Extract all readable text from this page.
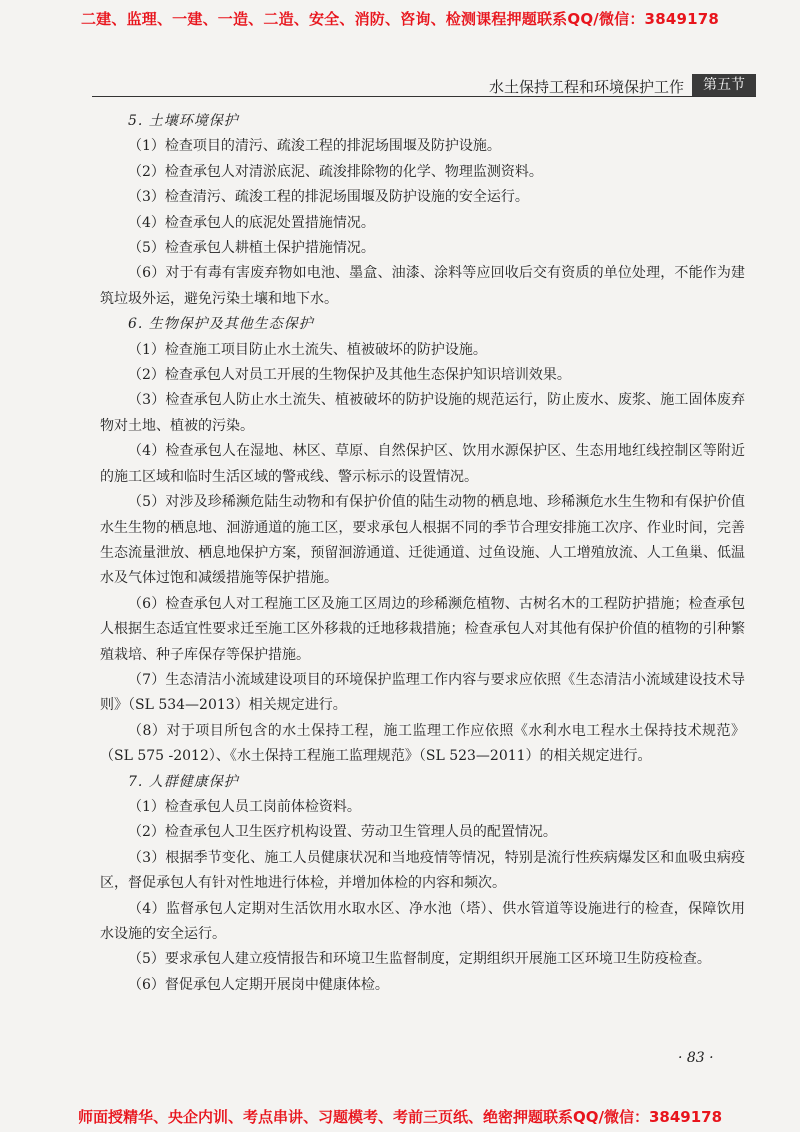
二建、监理、一建、一造、二造、安全、消防、咨询、检测课程押题联系QQ/微信：3849178
水土保持工程和环境保护工作	第五节

5. 土壤环境保护

（1）检查项目的清污、疏浚工程的排泥场围堰及防护设施。

（2）检查承包人对清淤底泥、疏浚排除物的化学、物理监测资料。

（3）检查清污、疏浚工程的排泥场围堰及防护设施的安全运行。

（4）检查承包人的底泥处置措施情况。

（5）检查承包人耕植土保护措施情况。

（6）对于有毒有害废弃物如电池、墨盒、油漆、涂料等应回收后交有资质的单位处理，不能作为建筑垃圾外运，避免污染土壤和地下水。

6. 生物保护及其他生态保护

（1）检查施工项目防止水土流失、植被破坏的防护设施。

（2）检查承包人对员工开展的生物保护及其他生态保护知识培训效果。

（3）检查承包人防止水土流失、植被破坏的防护设施的规范运行，防止废水、废浆、施工固体废弃物对土地、植被的污染。

（4）检查承包人在湿地、林区、草原、自然保护区、饮用水源保护区、生态用地红线控制区等附近的施工区域和临时生活区域的警戒线、警示标示的设置情况。

（5）对涉及珍稀濒危陆生动物和有保护价值的陆生动物的栖息地、珍稀濒危水生生物和有保护价值水生生物的栖息地、洄游通道的施工区，要求承包人根据不同的季节合理安排施工次序、作业时间，完善生态流量泄放、栖息地保护方案，预留洄游通道、迁徙通道、过鱼设施、人工增殖放流、人工鱼巢、低温水及气体过饱和减缓措施等保护措施。

（6）检查承包人对工程施工区及施工区周边的珍稀濒危植物、古树名木的工程防护措施；检查承包人根据生态适宜性要求迁至施工区外移栽的迁地移栽措施；检查承包人对其他有保护价值的植物的引种繁殖栽培、种子库保存等保护措施。

（7）生态清洁小流域建设项目的环境保护监理工作内容与要求应依照《生态清洁小流域建设技术导则》（SL 534—2013）相关规定进行。

（8）对于项目所包含的水土保持工程，施工监理工作应依照《水利水电工程水土保持技术规范》（SL 575 -2012）、《水土保持工程施工监理规范》（SL 523—2011）的相关规定进行。

7. 人群健康保护

（1）检查承包人员工岗前体检资料。

（2）检查承包人卫生医疗机构设置、劳动卫生管理人员的配置情况。

（3）根据季节变化、施工人员健康状况和当地疫情等情况，特别是流行性疾病爆发区和血吸虫病疫区，督促承包人有针对性地进行体检，并增加体检的内容和频次。

（4）监督承包人定期对生活饮用水取水区、净水池（塔）、供水管道等设施进行的检查，保障饮用水设施的安全运行。

（5）要求承包人建立疫情报告和环境卫生监督制度，定期组织开展施工区环境卫生防疫检查。

（6）督促承包人定期开展岗中健康体检。

· 83 ·
师面授精华、央企内训、考点串讲、习题模考、考前三页纸、绝密押题联系QQ/微信：3849178
